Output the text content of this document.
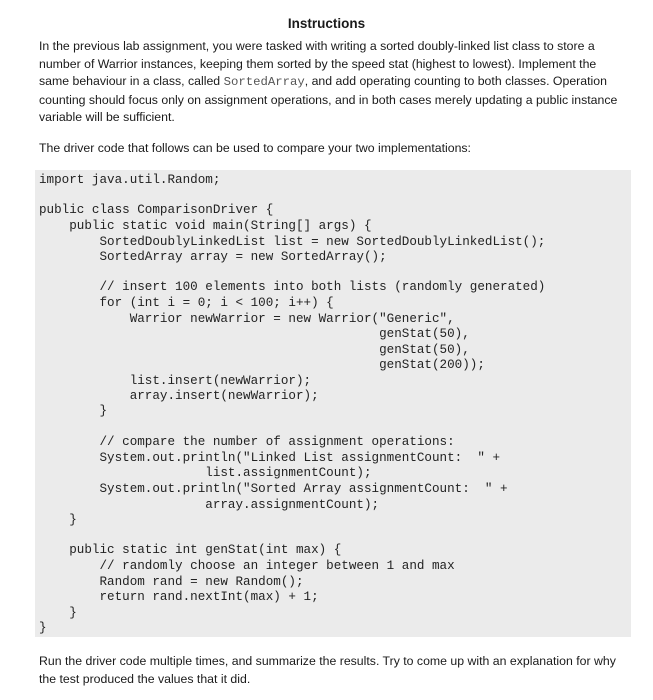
Instructions
In the previous lab assignment, you were tasked with writing a sorted doubly-linked list class to store a number of Warrior instances, keeping them sorted by the speed stat (highest to lowest). Implement the same behaviour in a class, called SortedArray, and add operating counting to both classes. Operation counting should focus only on assignment operations, and in both cases merely updating a public instance variable will be sufficient.
The driver code that follows can be used to compare your two implementations:
import java.util.Random;
public class ComparisonDriver {
public static void main(String[] args) {
SortedDoublyLinkedList list = new SortedDoublyLinkedList();
SortedArray array = new SortedArray();
// insert 100 elements into both lists (randomly generated)
for (int i = 0; i < 100; i++) {
Warrior newWarrior = new Warrior("Generic",
genStat(50),
genStat(50),
genStat(200));
list.insert(newWarrior);
array.insert(newWarrior);
}
// compare the number of assignment operations:
System.out.println("Linked List assignmentCount:  " +
list.assignmentCount);
System.out.println("Sorted Array assignmentCount:  " +
array.assignmentCount);
}
public static int genStat(int max) {
// randomly choose an integer between 1 and max
Random rand = new Random();
return rand.nextInt(max) + 1;
}
}
Run the driver code multiple times, and summarize the results. Try to come up with an explanation for why the test produced the values that it did.
